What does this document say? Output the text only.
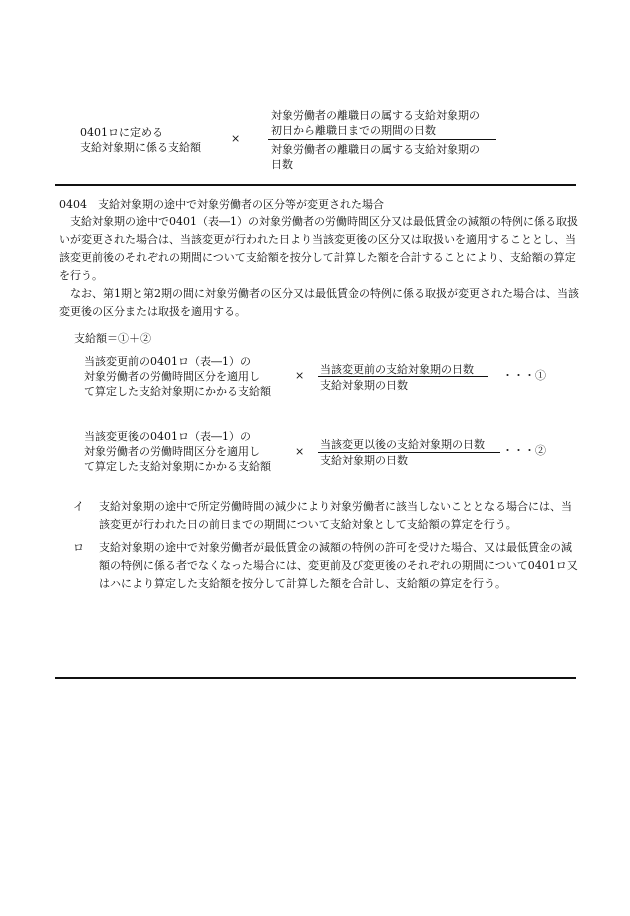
0401ロに定める
支給対象期に係る支給額
×
対象労働者の離職日の属する支給対象期の
初日から離職日までの期間の日数
対象労働者の離職日の属する支給対象期の
日数
0404　支給対象期の途中で対象労働者の区分等が変更された場合

支給対象期の途中で0401（表―1）の対象労働者の労働時間区分又は最低賃金の減額の特例に係る取扱いが変更された場合は、当該変更が行われた日より当該変更後の区分又は取扱いを適用することとし、当該変更前後のそれぞれの期間について支給額を按分して計算した額を合計することにより、支給額の算定を行う。

なお、第1期と第2期の間に対象労働者の区分又は最低賃金の特例に係る取扱が変更された場合は、当該変更後の区分または取扱を適用する。

支給額＝①＋②
当該変更前の0401ロ（表―1）の
対象労働者の労働時間区分を適用し
て算定した支給対象期にかかる支給額
× 当該変更前の支給対象期の日数
支給対象期の日数
・・・①
当該変更後の0401ロ（表―1）の
対象労働者の労働時間区分を適用し
て算定した支給対象期にかかる支給額
×
当該変更以後の支給対象期の日数
支給対象期の日数
・・・②
イ	支給対象期の途中で所定労働時間の減少により対象労働者に該当しないこととなる場合には、当該変更が行われた日の前日までの期間について支給対象として支給額の算定を行う。
ロ	支給対象期の途中で対象労働者が最低賃金の減額の特例の許可を受けた場合、又は最低賃金の減額の特例に係る者でなくなった場合には、変更前及び変更後のそれぞれの期間について0401ロ又はハにより算定した支給額を按分して計算した額を合計し、支給額の算定を行う。
